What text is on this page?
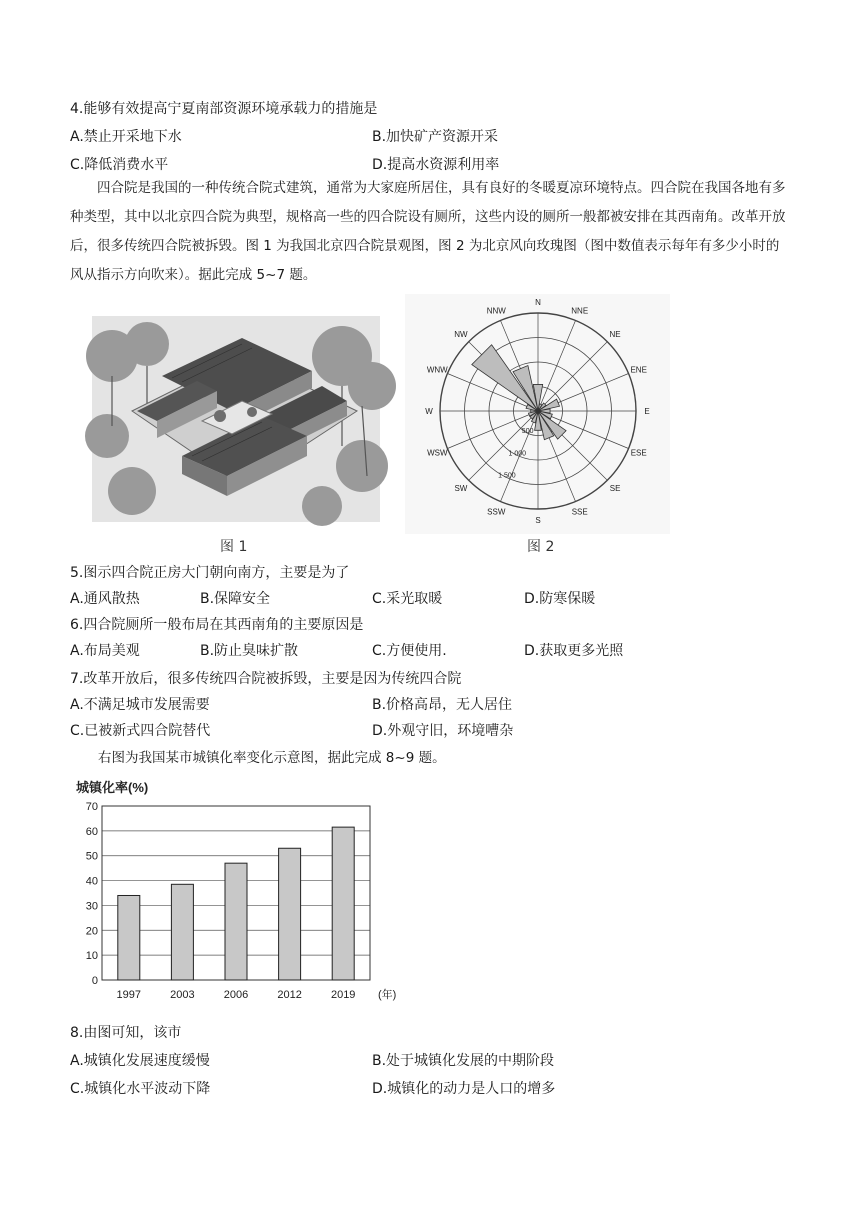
4.能够有效提高宁夏南部资源环境承载力的措施是
A.禁止开采地下水	B.加快矿产资源开采
C.降低消费水平	D.提高水资源利用率

四合院是我国的一种传统合院式建筑，通常为大家庭所居住，具有良好的冬暖夏凉环境特点。四合院在我国各地有多种类型，其中以北京四合院为典型，规格高一些的四合院设有厕所，这些内设的厕所一般都被安排在其西南角。改革开放后，很多传统四合院被拆毁。图 1 为我国北京四合院景观图，图 2 为北京风向玫瑰图（图中数值表示每年有多少小时的风从指示方向吹来）。据此完成 5~7 题。

图 1
N
NNE
NE
ENE
E
ESE
SE
SSE
S
SSW
SW
WSW
W
WNW
NW
NNW
500
1 000
1 500
图 2
5.图示四合院正房大门朝向南方，主要是为了
A.通风散热	B.保障安全	C.采光取暖	D.防寒保暖
6.四合院厕所一般布局在其西南角的主要原因是
A.布局美观	B.防止臭味扩散	C.方便使用.	D.获取更多光照
7.改革开放后，很多传统四合院被拆毁，主要是因为传统四合院
A.不满足城市发展需要	B.价格高昂，无人居住
C.已被新式四合院替代	D.外观守旧，环境嘈杂
右图为我国某市城镇化率变化示意图，据此完成 8~9 题。
城镇化率(%)
0
10
20
30
40
50
60
70
1997	2003	2006	2012	2019 (年)
8.由图可知，该市
A.城镇化发展速度缓慢	B.处于城镇化发展的中期阶段
C.城镇化水平波动下降	D.城镇化的动力是人口的增多
